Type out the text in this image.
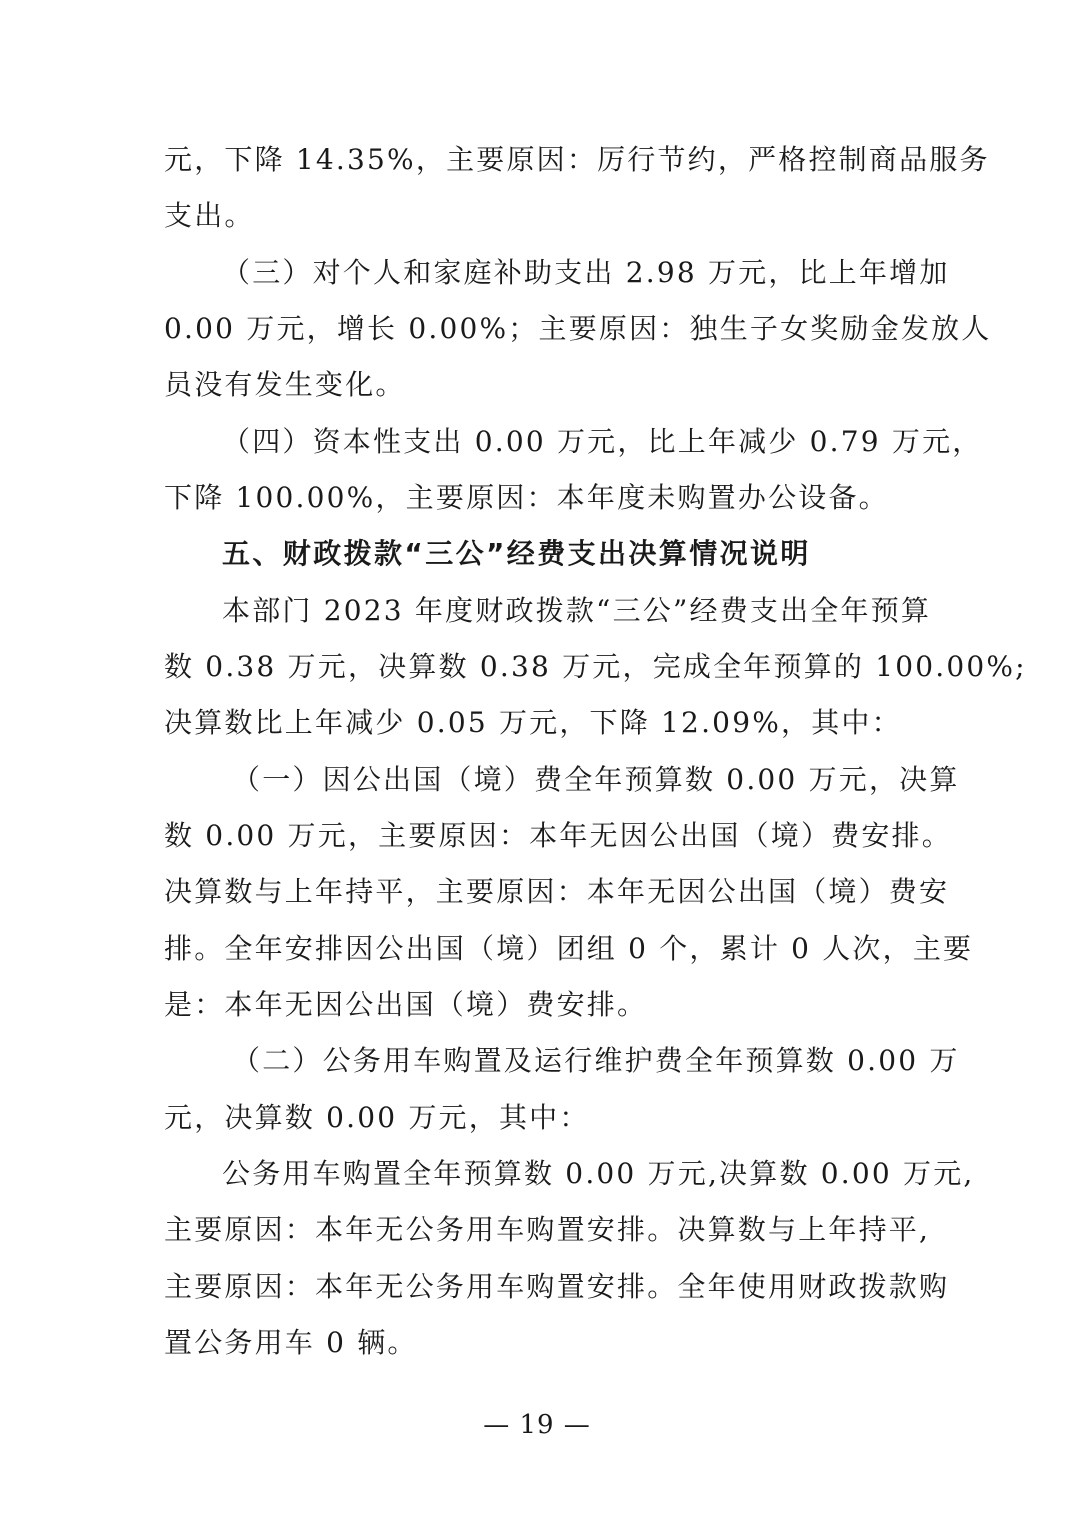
元，下降 14.35%，主要原因：厉行节约，严格控制商品服务
支出。
（三）对个人和家庭补助支出 2.98 万元，比上年增加
0.00 万元，增长 0.00%；主要原因：独生子女奖励金发放人
员没有发生变化。
（四）资本性支出 0.00 万元，比上年减少 0.79 万元，
下降 100.00%，主要原因：本年度未购置办公设备。
五、财政拨款“三公”经费支出决算情况说明
本部门 2023 年度财政拨款“三公”经费支出全年预算
数 0.38 万元，决算数 0.38 万元，完成全年预算的 100.00%;
决算数比上年减少 0.05 万元，下降 12.09%，其中：
（一）因公出国（境）费全年预算数 0.00 万元，决算
数 0.00 万元，主要原因：本年无因公出国（境）费安排。
决算数与上年持平，主要原因：本年无因公出国（境）费安
排。全年安排因公出国（境）团组 0 个，累计 0 人次，主要
是：本年无因公出国（境）费安排。
（二）公务用车购置及运行维护费全年预算数 0.00 万
元，决算数 0.00 万元，其中：
公务用车购置全年预算数 0.00 万元,决算数 0.00 万元,
主要原因：本年无公务用车购置安排。决算数与上年持平,
主要原因：本年无公务用车购置安排。全年使用财政拨款购
置公务用车 0 辆。
— 19 —
